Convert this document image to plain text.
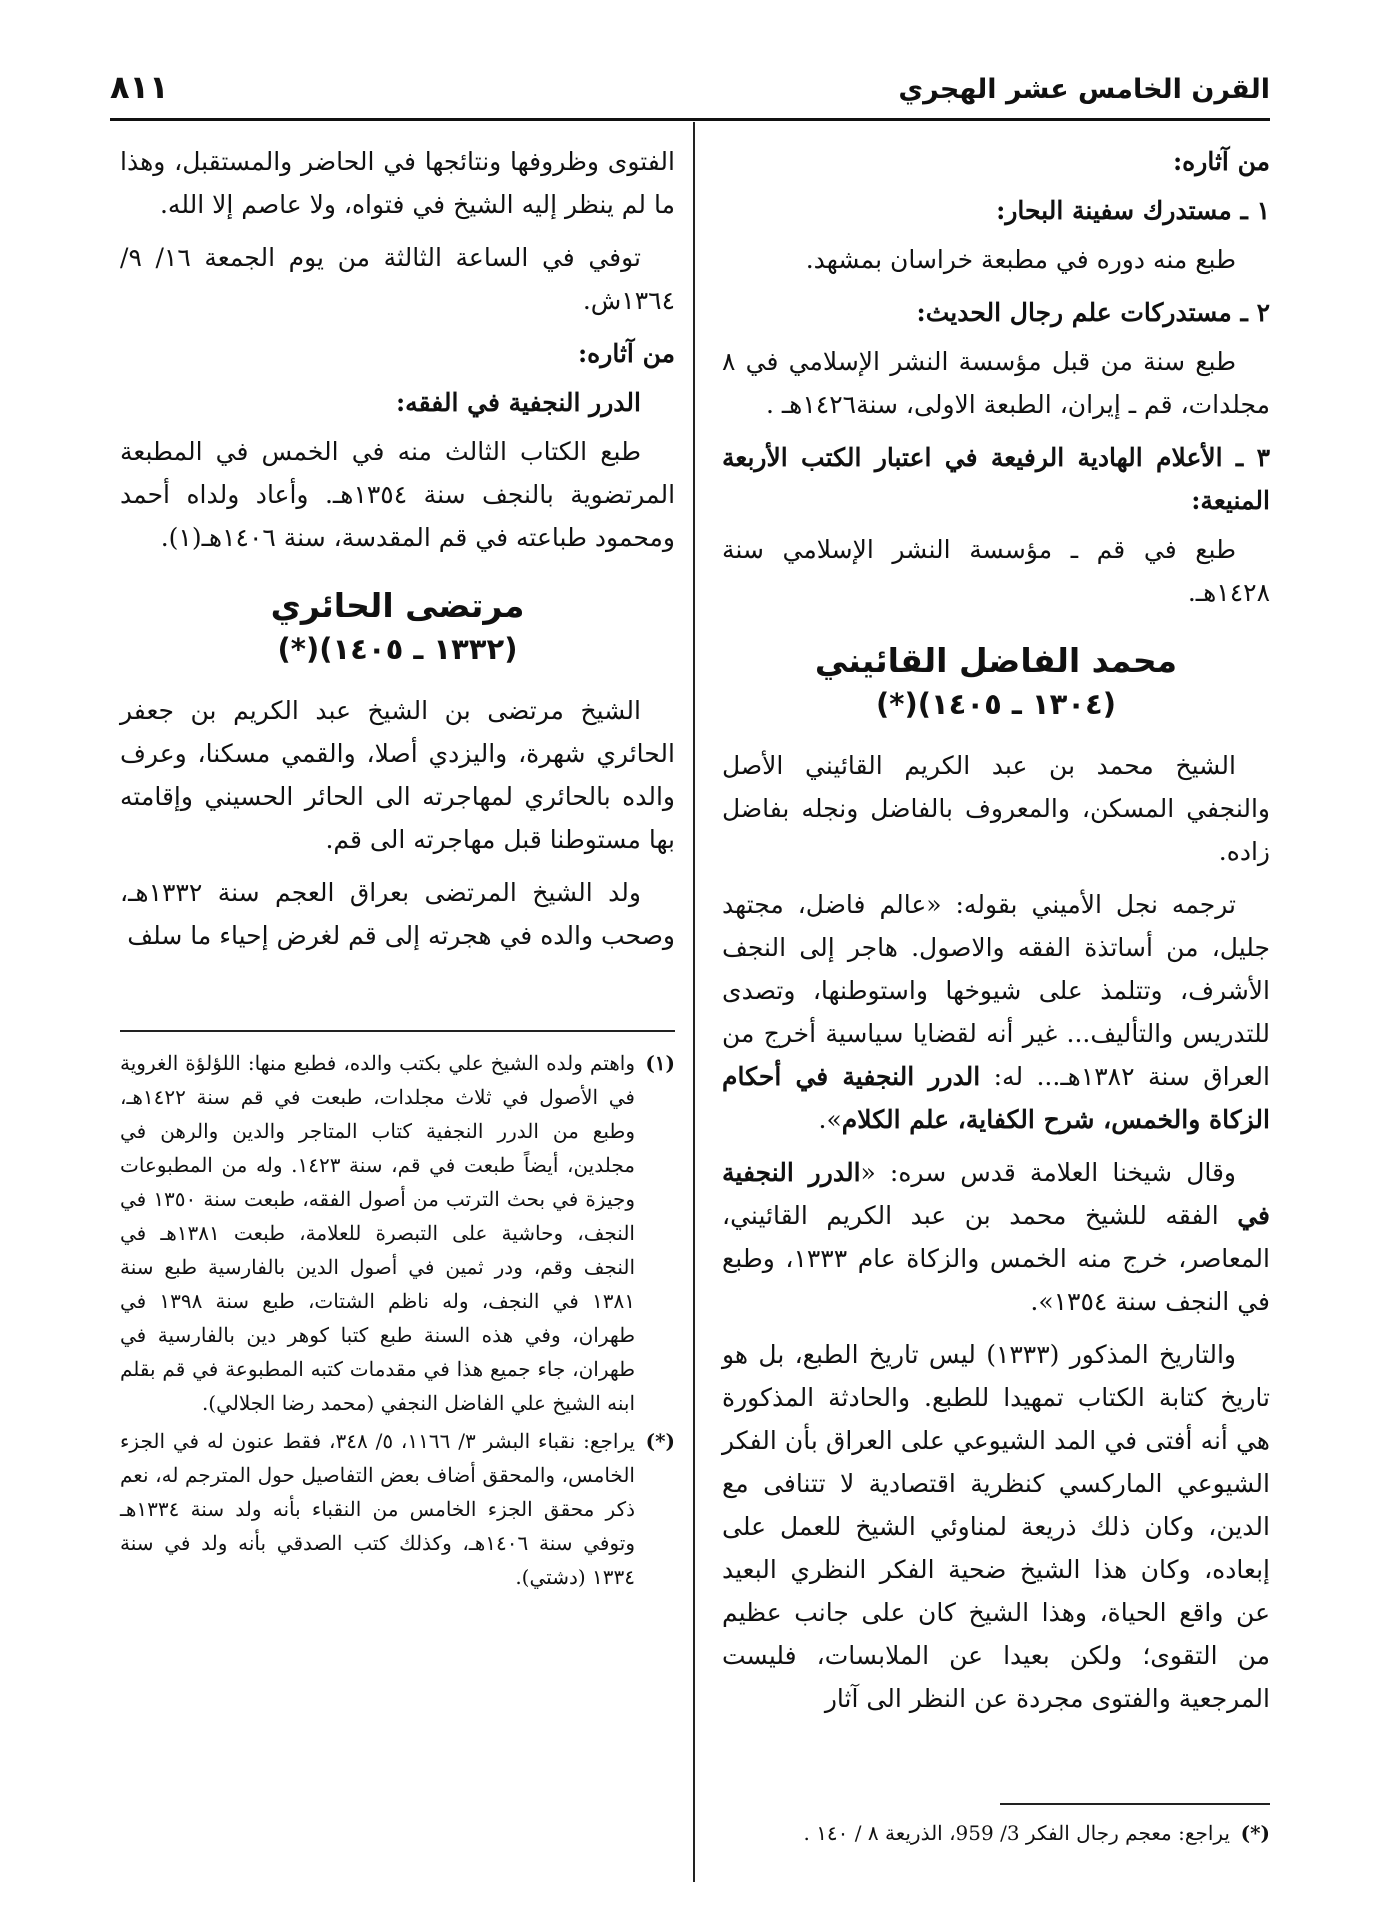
القرن الخامس عشر الهجري
٨١١
من آثاره:
١ ـ مستدرك سفينة البحار:

طبع منه دوره في مطبعة خراسان بمشهد.

٢ ـ مستدركات علم رجال الحديث:

طبع سنة من قبل مؤسسة النشر الإسلامي في ٨ مجلدات، قم ـ إيران، الطبعة الاولى، سنة١٤٢٦هـ .

٣ ـ الأعلام الهادية الرفيعة في اعتبار الكتب الأربعة المنيعة:

طبع في قم ـ مؤسسة النشر الإسلامي سنة ١٤٢٨هـ.

محمد الفاضل القائيني
(١٣٠٤ ـ ١٤٠٥)(*)

الشيخ محمد بن عبد الكريم القائيني الأصل والنجفي المسكن، والمعروف بالفاضل ونجله بفاضل زاده.

ترجمه نجل الأميني بقوله: «عالم فاضل، مجتهد جليل، من أساتذة الفقه والاصول. هاجر إلى النجف الأشرف، وتتلمذ على شيوخها واستوطنها، وتصدى للتدريس والتأليف... غير أنه لقضايا سياسية أخرج من العراق سنة ١٣٨٢هـ... له: الدرر النجفية في أحكام الزكاة والخمس، شرح الكفاية، علم الكلام».

وقال شيخنا العلامة قدس سره: «الدرر النجفية في الفقه للشيخ محمد بن عبد الكريم القائيني، المعاصر، خرج منه الخمس والزكاة عام ١٣٣٣، وطبع في النجف سنة ١٣٥٤».

والتاريخ المذكور (١٣٣٣) ليس تاريخ الطبع، بل هو تاريخ كتابة الكتاب تمهيدا للطبع. والحادثة المذكورة هي أنه أفتى في المد الشيوعي على العراق بأن الفكر الشيوعي الماركسي كنظرية اقتصادية لا تتنافى مع الدين، وكان ذلك ذريعة لمناوئي الشيخ للعمل على إبعاده، وكان هذا الشيخ ضحية الفكر النظري البعيد عن واقع الحياة، وهذا الشيخ كان على جانب عظيم من التقوى؛ ولكن بعيدا عن الملابسات، فليست المرجعية والفتوى مجردة عن النظر الى آثار

الفتوى وظروفها ونتائجها في الحاضر والمستقبل، وهذا ما لم ينظر إليه الشيخ في فتواه، ولا عاصم إلا الله.

توفي في الساعة الثالثة من يوم الجمعة ١٦/ ٩/ ١٣٦٤ش.

من آثاره:
الدرر النجفية في الفقه:

طبع الكتاب الثالث منه في الخمس في المطبعة المرتضوية بالنجف سنة ١٣٥٤هـ. وأعاد ولداه أحمد ومحمود طباعته في قم المقدسة، سنة ١٤٠٦هـ(١).

مرتضى الحائري
(١٣٣٢ ـ ١٤٠٥)(*)

الشيخ مرتضى بن الشيخ عبد الكريم بن جعفر الحائري شهرة، واليزدي أصلا، والقمي مسكنا، وعرف والده بالحائري لمهاجرته الى الحائر الحسيني وإقامته بها مستوطنا قبل مهاجرته الى قم.

ولد الشيخ المرتضى بعراق العجم سنة ١٣٣٢هـ، وصحب والده في هجرته إلى قم لغرض إحياء ما سلف

(١)
واهتم ولده الشيخ علي بكتب والده، فطبع منها: اللؤلؤة الغروية في الأصول في ثلاث مجلدات، طبعت في قم سنة ١٤٢٢هـ، وطبع من الدرر النجفية كتاب المتاجر والدين والرهن في مجلدين، أيضاً طبعت في قم، سنة ١٤٢٣. وله من المطبوعات وجيزة في بحث الترتب من أصول الفقه، طبعت سنة ١٣٥٠ في النجف، وحاشية على التبصرة للعلامة، طبعت ١٣٨١هـ في النجف وقم، ودر ثمين في أصول الدين بالفارسية طبع سنة ١٣٨١ في النجف، وله ناظم الشتات، طبع سنة ١٣٩٨ في طهران، وفي هذه السنة طبع كتبا كوهر دين بالفارسية في طهران، جاء جميع هذا في مقدمات كتبه المطبوعة في قم بقلم ابنه الشيخ علي الفاضل النجفي (محمد رضا الجلالي).
(*)
يراجع: نقباء البشر ٣/ ١١٦٦، ٥/ ٣٤٨، فقط عنون له في الجزء الخامس، والمحقق أضاف بعض التفاصيل حول المترجم له، نعم ذكر محقق الجزء الخامس من النقباء بأنه ولد سنة ١٣٣٤هـ وتوفي سنة ١٤٠٦هـ، وكذلك كتب الصدقي بأنه ولد في سنة ١٣٣٤ (دشتي).
(*)
يراجع: معجم رجال الفكر 3/ 959، الذريعة ٨ / ١٤٠ .
